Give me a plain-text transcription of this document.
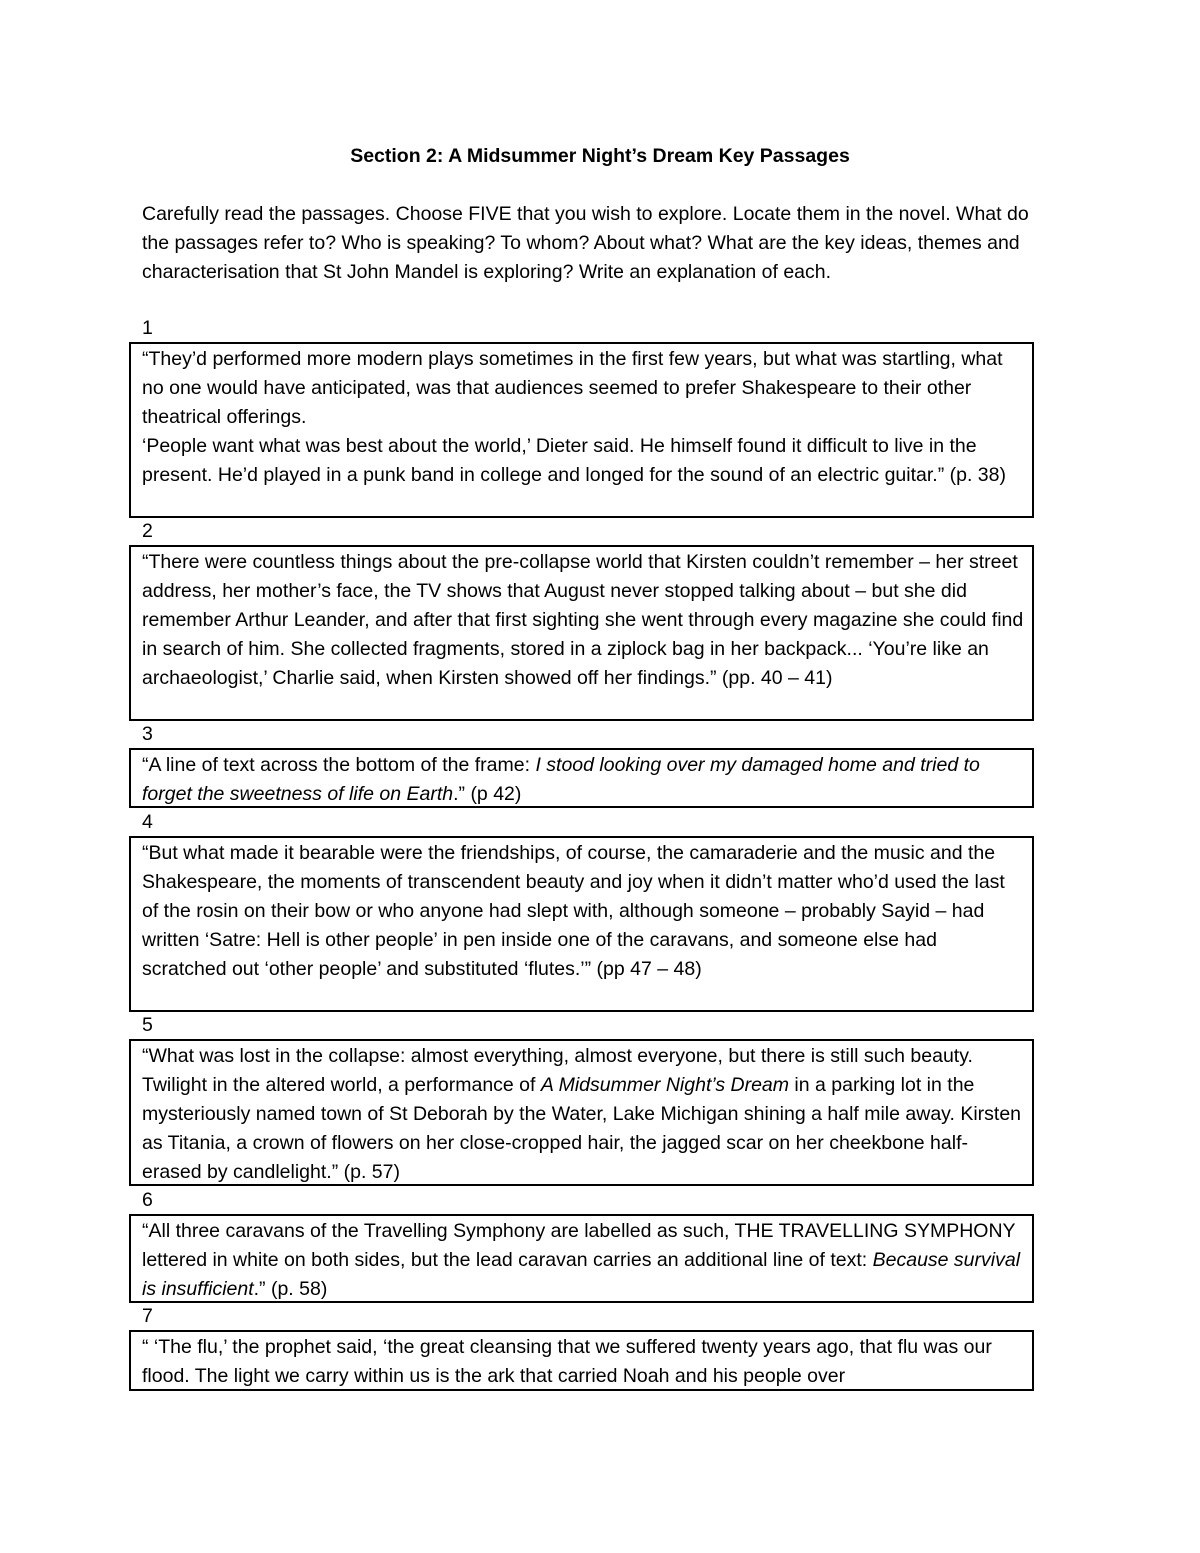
Section 2: A Midsummer Night’s Dream Key Passages
Carefully read the passages. Choose FIVE that you wish to explore. Locate them in the novel. What do the passages refer to? Who is speaking? To whom? About what? What are the key ideas, themes and characterisation that St John Mandel is exploring? Write an explanation of each.
1

“They’d performed more modern plays sometimes in the first few years, but what was startling, what no one would have anticipated, was that audiences seemed to prefer Shakespeare to their other theatrical offerings.

‘People want what was best about the world,’ Dieter said. He himself found it difficult to live in the present. He’d played in a punk band in college and longed for the sound of an electric guitar.” (p. 38)

2

“There were countless things about the pre-collapse world that Kirsten couldn’t remember – her street address, her mother’s face, the TV shows that August never stopped talking about – but she did remember Arthur Leander, and after that first sighting she went through every magazine she could find in search of him. She collected fragments, stored in a ziplock bag in her backpack... ‘You’re like an archaeologist,’ Charlie said, when Kirsten showed off her findings.” (pp. 40 – 41)

3

“A line of text across the bottom of the frame: I stood looking over my damaged home and tried to forget the sweetness of life on Earth.” (p 42)

4

“But what made it bearable were the friendships, of course, the camaraderie and the music and the Shakespeare, the moments of transcendent beauty and joy when it didn’t matter who’d used the last of the rosin on their bow or who anyone had slept with, although someone – probably Sayid – had written ‘Satre: Hell is other people’ in pen inside one of the caravans, and someone else had scratched out ‘other people’ and substituted ‘flutes.’” (pp 47 – 48)

5

“What was lost in the collapse: almost everything, almost everyone, but there is still such beauty. Twilight in the altered world, a performance of A Midsummer Night’s Dream in a parking lot in the mysteriously named town of St Deborah by the Water, Lake Michigan shining a half mile away. Kirsten as Titania, a crown of flowers on her close-cropped hair, the jagged scar on her cheekbone half-erased by candlelight.” (p. 57)

6

“All three caravans of the Travelling Symphony are labelled as such, THE TRAVELLING SYMPHONY lettered in white on both sides, but the lead caravan carries an additional line of text: Because survival is insufficient.” (p. 58)

7

“ ‘The flu,’ the prophet said, ‘the great cleansing that we suffered twenty years ago, that flu was our flood. The light we carry within us is the ark that carried Noah and his people over
